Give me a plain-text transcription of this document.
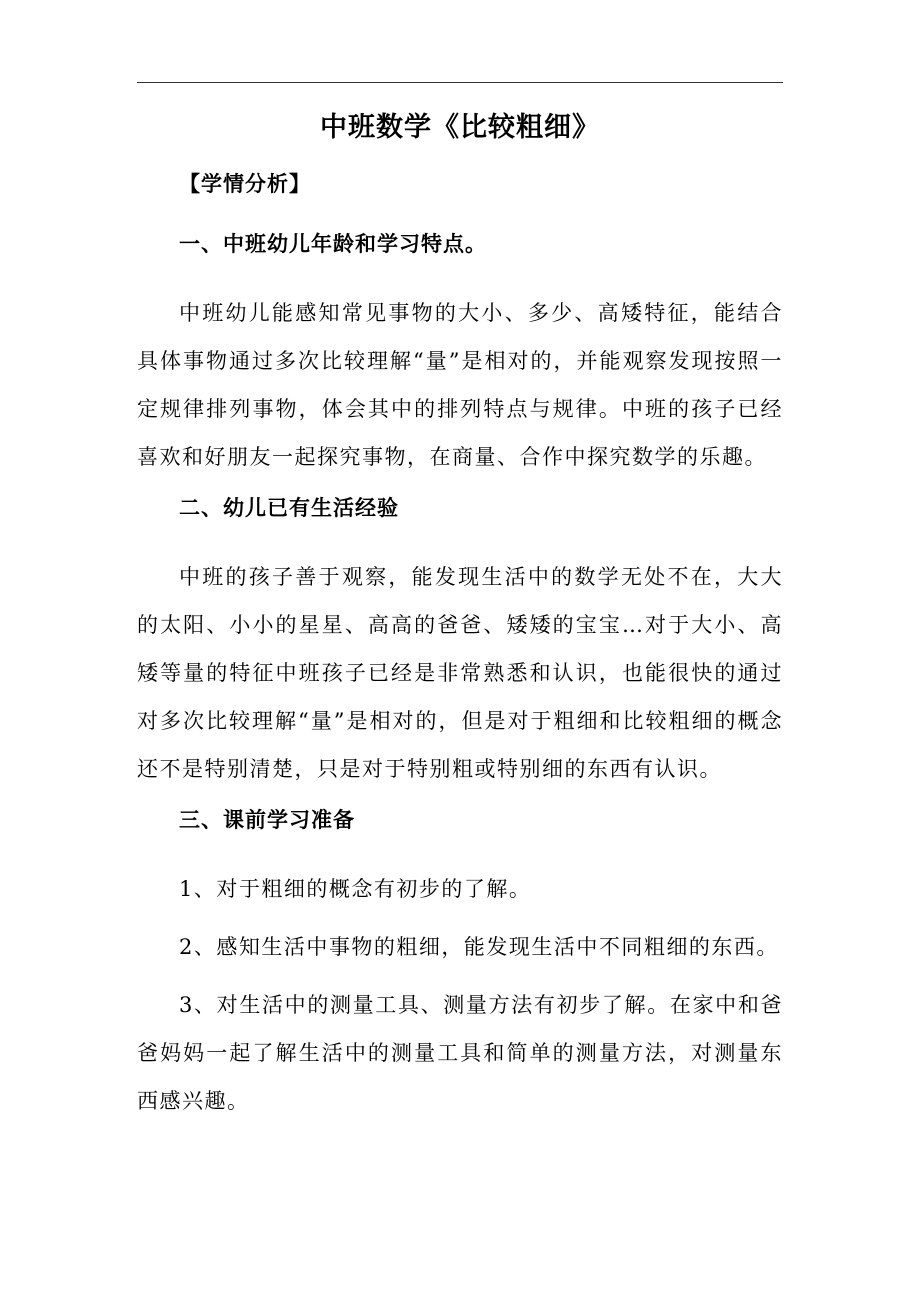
中班数学《比较粗细》
【学情分析】
一、中班幼儿年龄和学习特点。

中班幼儿能感知常见事物的大小、多少、高矮特征，能结合具体事物通过多次比较理解“量”是相对的，并能观察发现按照一定规律排列事物，体会其中的排列特点与规律。中班的孩子已经喜欢和好朋友一起探究事物，在商量、合作中探究数学的乐趣。

二、幼儿已有生活经验

中班的孩子善于观察，能发现生活中的数学无处不在，大大的太阳、小小的星星、高高的爸爸、矮矮的宝宝…对于大小、高矮等量的特征中班孩子已经是非常熟悉和认识，也能很快的通过对多次比较理解“量”是相对的，但是对于粗细和比较粗细的概念还不是特别清楚，只是对于特别粗或特别细的东西有认识。

三、课前学习准备

1、对于粗细的概念有初步的了解。

2、感知生活中事物的粗细，能发现生活中不同粗细的东西。

3、对生活中的测量工具、测量方法有初步了解。在家中和爸爸妈妈一起了解生活中的测量工具和简单的测量方法，对测量东西感兴趣。
